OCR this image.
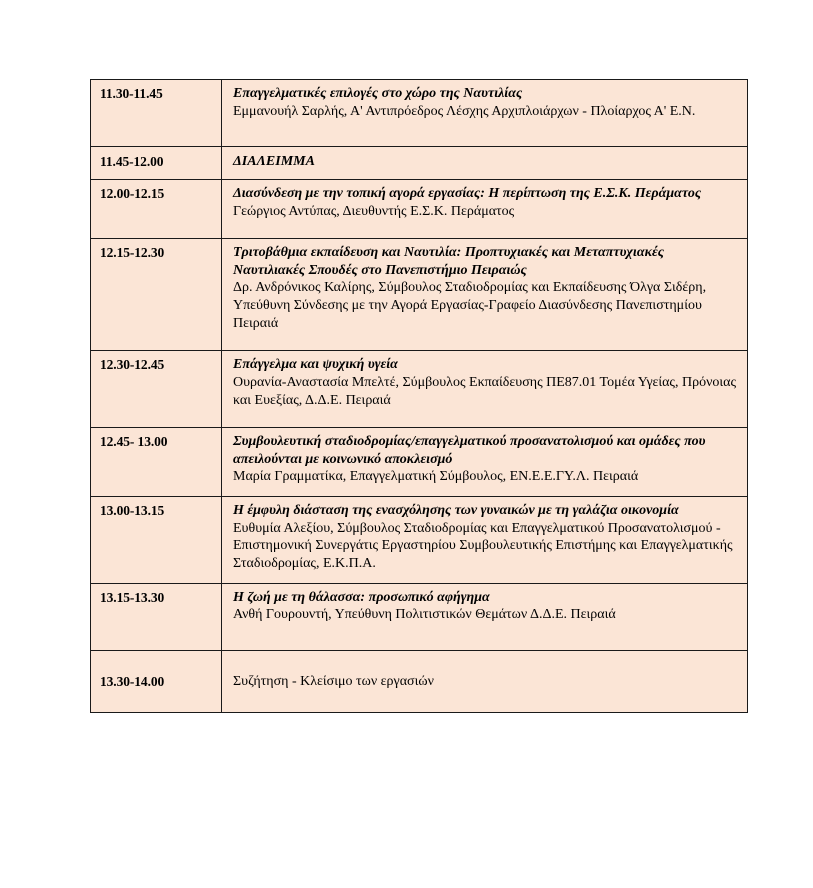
11.30-11.45	Επαγγελματικές επιλογές στο χώρο της Ναυτιλίας

Εμμανουήλ Σαρλής, Α' Αντιπρόεδρος Λέσχης Αρχιπλοιάρχων - Πλοίαρχος Α' Ε.Ν.

11.45-12.00	ΔΙΑΛΕΙΜΜΑ

12.00-12.15	Διασύνδεση με την τοπική αγορά εργασίας: Η περίπτωση της Ε.Σ.Κ. Περάματος

Γεώργιος Αντύπας, Διευθυντής Ε.Σ.Κ. Περάματος

12.15-12.30	Τριτοβάθμια εκπαίδευση και Ναυτιλία: Προπτυχιακές και Μεταπτυχιακές Ναυτιλιακές Σπουδές στο Πανεπιστήμιο Πειραιώς

Δρ. Ανδρόνικος Καλίρης, Σύμβουλος Σταδιοδρομίας και Εκπαίδευσης Όλγα Σιδέρη, Υπεύθυνη Σύνδεσης με την Αγορά Εργασίας-Γραφείο Διασύνδεσης Πανεπιστημίου Πειραιά

12.30-12.45	Επάγγελμα και ψυχική υγεία

Ουρανία-Αναστασία Μπελτέ, Σύμβουλος Εκπαίδευσης ΠΕ87.01 Τομέα Υγείας, Πρόνοιας και Ευεξίας, Δ.Δ.Ε. Πειραιά

12.45- 13.00	Συμβουλευτική σταδιοδρομίας/επαγγελματικού προσανατολισμού και ομάδες που απειλούνται με κοινωνικό αποκλεισμό

Μαρία Γραμματίκα, Επαγγελματική Σύμβουλος, ΕΝ.Ε.Ε.ΓΥ.Λ. Πειραιά

13.00-13.15	Η έμφυλη διάσταση της ενασχόλησης των γυναικών με τη γαλάζια οικονομία

Ευθυμία Αλεξίου, Σύμβουλος Σταδιοδρομίας και Επαγγελματικού Προσανατολισμού - Επιστημονική Συνεργάτις Εργαστηρίου Συμβουλευτικής Επιστήμης και Επαγγελματικής Σταδιοδρομίας, Ε.Κ.Π.Α.

13.15-13.30	Η ζωή με τη θάλασσα: προσωπικό αφήγημα

Ανθή Γουρουντή, Υπεύθυνη Πολιτιστικών Θεμάτων Δ.Δ.Ε. Πειραιά

13.30-14.00	Συζήτηση - Κλείσιμο των εργασιών
